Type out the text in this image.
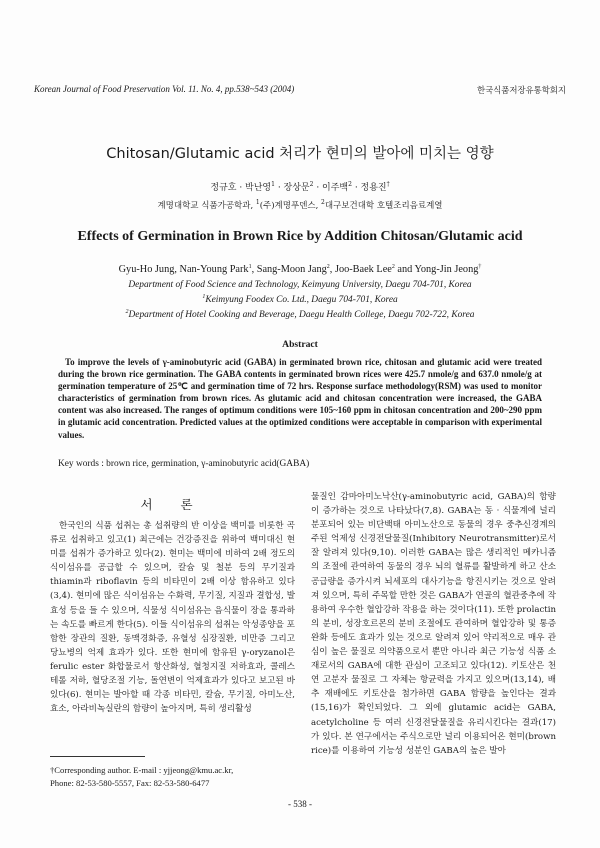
Korean Journal of Food Preservation Vol. 11. No. 4, pp.538~543 (2004)	한국식품저장유통학회지
Chitosan/Glutamic acid 처리가 현미의 발아에 미치는 영향
정규호 · 박난영$^1$ · 장상문$^2$ · 이주백$^2$ · 정용진†
계명대학교 식품가공학과, $^1$(주)계명푸덴스, $^2$대구보건대학 호텔조리음료계열
Effects of Germination in Brown Rice by Addition Chitosan/Glutamic acid
Gyu-Ho Jung, Nan-Young Park$^1$, Sang-Moon Jang$^2$, Joo-Baek Lee$^2$ and Yong-Jin Jeong†
Department of Food Science and Technology, Keimyung University, Daegu 704-701, Korea
$^1$Keimyung Foodex Co. Ltd., Daegu 704-701, Korea
$^2$Department of Hotel Cooking and Beverage, Daegu Health College, Daegu 702-722, Korea
Abstract

To improve the levels of γ-aminobutyric acid (GABA) in germinated brown rice, chitosan and glutamic acid were treated during the brown rice germination. The GABA contents in germinated brown rices were 425.7 nmole/g and 637.0 nmole/g at germination temperature of 25℃ and germination time of 72 hrs. Response surface methodology(RSM) was used to monitor characteristics of germination from brown rices. As glutamic acid and chitosan concentration were increased, the GABA content was also increased. The ranges of optimum conditions were 105~160 ppm in chitosan concentration and 200~290 ppm in glutamic acid concentration. Predicted values at the optimized conditions were acceptable in comparison with experimental values.

Key words : brown rice, germination, γ-aminobutyric acid(GABA)
서 론

한국인의 식품 섭취는 총 섭취량의 반 이상을 백미를 비롯한 곡류로 섭취하고 있고(1) 최근에는 건강증진을 위하여 백미대신 현미를 섭취가 증가하고 있다(2). 현미는 백미에 비하여 2배 정도의 식이섬유를 공급할 수 있으며, 칼슘 및 철분 등의 무기질과 thiamin과 riboflavin 등의 비타민이 2배 이상 함유하고 있다(3,4). 현미에 많은 식이섬유는 수화력, 무기질, 지질과 결합성, 발효성 등을 들 수 있으며, 식물성 식이섬유는 음식물이 장을 통과하는 속도를 빠르게 한다(5). 이들 식이섬유의 섭취는 악성종양을 포함한 장관의 질환, 동맥경화증, 유혈성 심장질환, 비만증 그리고 당뇨병의 억제 효과가 있다. 또한 현미에 함유된 γ-oryzanol은 ferulic ester 화합물로서 항산화성, 혈청지질 저하효과, 콜레스테롤 저하, 혈당조절 기능, 돌연변이 억제효과가 있다고 보고된 바 있다(6). 현미는 발아할 때 각종 비타민, 칼슘, 무기질, 아미노산, 효소, 아라비녹실란의 함량이 높아지며, 특히 생리활성

물질인 감마아미노낙산(γ-aminobutyric acid, GABA)의 함량이 증가하는 것으로 나타났다(7,8). GABA는 동 · 식물계에 널리 분포되어 있는 비단백태 아미노산으로 동물의 경우 중추신경계의 주된 억제성 신경전달물질(Inhibitory Neurotransmitter)로서 잘 알려져 있다(9,10). 이러한 GABA는 많은 생리적인 메카니즘의 조절에 관여하여 동물의 경우 뇌의 혈류를 활발하게 하고 산소공급량을 증가시켜 뇌세포의 대사기능을 항진시키는 것으로 알려져 있으며, 특히 주목할 만한 것은 GABA가 연골의 혈관중추에 작용하여 우수한 혈압강하 작용을 하는 것이다(11). 또한 prolactin의 분비, 성장호르몬의 분비 조절에도 관여하며 혈압강하 및 통증완화 등에도 효과가 있는 것으로 알려져 있어 약리적으로 매우 관심이 높은 물질로 의약품으로서 뿐만 아니라 최근 기능성 식품 소재로서의 GABA에 대한 관심이 고조되고 있다(12). 키토산은 천연 고분자 물질로 그 자체는 항균력을 가지고 있으며(13,14), 배추 재배에도 키토산을 첨가하면 GABA 함량을 높인다는 결과(15,16)가 확인되었다. 그 외에 glutamic acid는 GABA, acetylcholine 등 여러 신경전달물질을 유리시킨다는 결과(17)가 있다. 본 연구에서는 주식으로만 널리 이용되어온 현미(brown rice)를 이용하여 기능성 성분인 GABA의 높은 발아

†Corresponding author. E-mail : yjjeong@kmu.ac.kr,
Phone: 82-53-580-5557, Fax: 82-53-580-6477
- 538 -
